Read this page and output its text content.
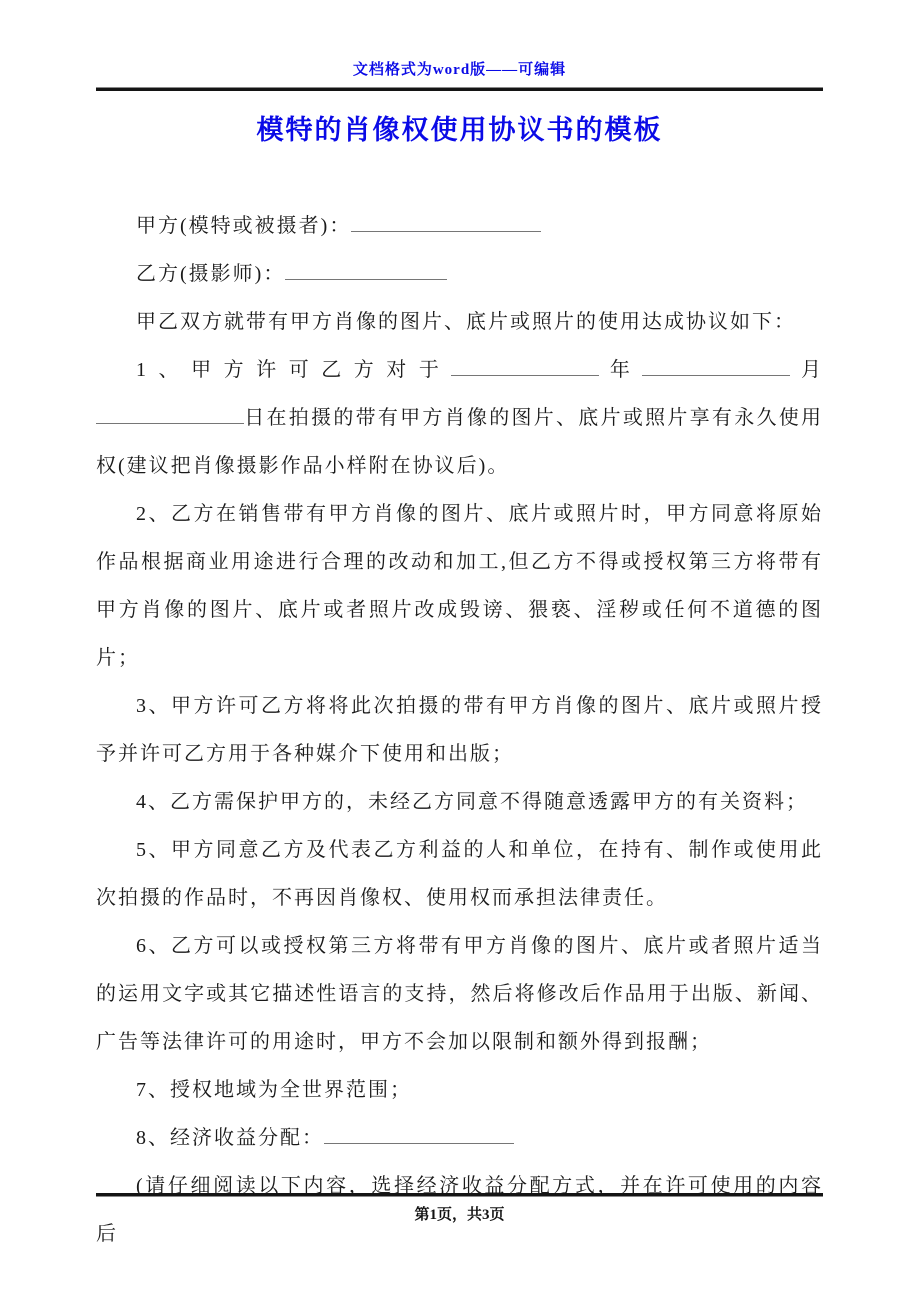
文档格式为word版——可编辑
模特的肖像权使用协议书的模板

甲方(模特或被摄者)：

乙方(摄影师)：

甲乙双方就带有甲方肖像的图片、底片或照片的使用达成协议如下：

1、甲方许可乙方对于	年	月日在拍摄的带有甲方肖像的图片、底片或照片享有永久使用权(建议把肖像摄影作品小样附在协议后)。

2、乙方在销售带有甲方肖像的图片、底片或照片时，甲方同意将原始作品根据商业用途进行合理的改动和加工,但乙方不得或授权第三方将带有甲方肖像的图片、底片或者照片改成毁谤、猥亵、淫秽或任何不道德的图片；

3、甲方许可乙方将将此次拍摄的带有甲方肖像的图片、底片或照片授予并许可乙方用于各种媒介下使用和出版；

4、乙方需保护甲方的，未经乙方同意不得随意透露甲方的有关资料；

5、甲方同意乙方及代表乙方利益的人和单位，在持有、制作或使用此次拍摄的作品时，不再因肖像权、使用权而承担法律责任。

6、乙方可以或授权第三方将带有甲方肖像的图片、底片或者照片适当的运用文字或其它描述性语言的支持，然后将修改后作品用于出版、新闻、广告等法律许可的用途时，甲方不会加以限制和额外得到报酬；

7、授权地域为全世界范围；

8、经济收益分配：

(请仔细阅读以下内容，选择经济收益分配方式，并在许可使用的内容后

第1页，共3页
